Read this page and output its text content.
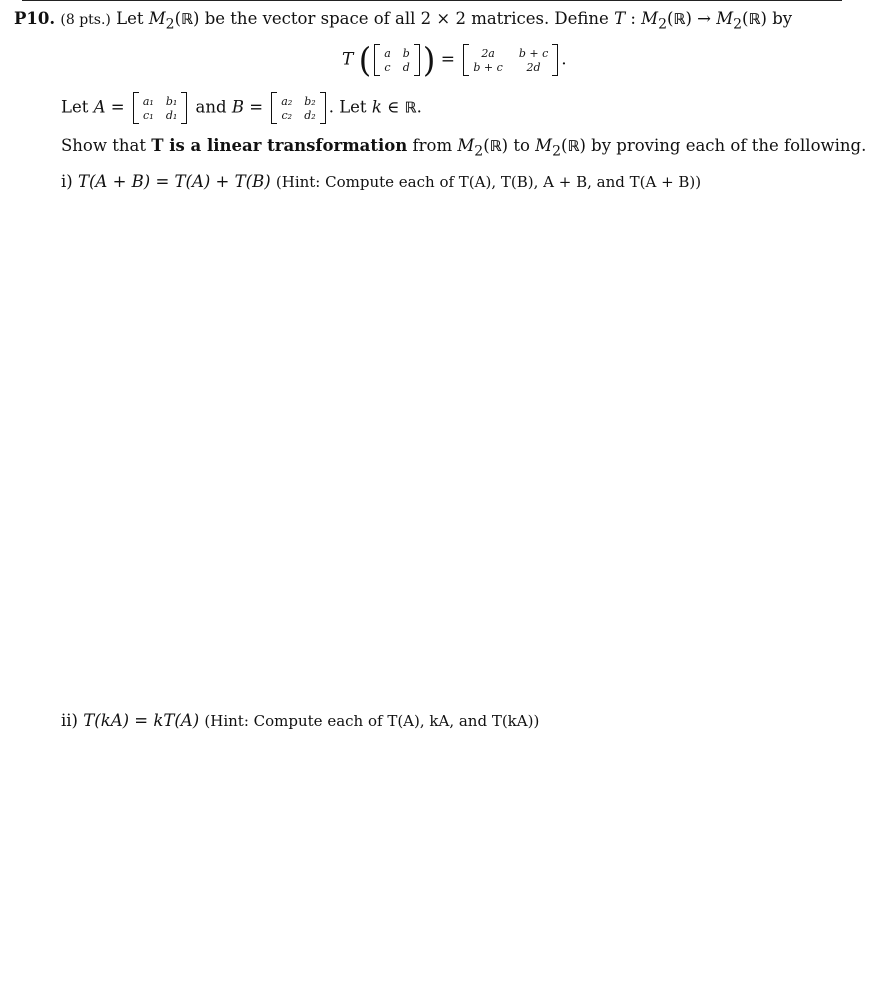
P10. (8 pts.) Let $M_2(ℝ)$ be the vector space of all 2 × 2 matrices. Define T : $M_2(ℝ)$ → $M_2(ℝ)$ by
T ( a b
c d ) =	2a	b + c
b + c	2d	.
Let A = a₁ b₁
c₁ d₁ and B = a₂ b₂
c₂ d₂ . Let k ∈ ℝ.
Show that T is a linear transformation from $M_2(ℝ)$ to $M_2(ℝ)$ by proving each of the following.
i) T(A + B) = T(A) + T(B) (Hint: Compute each of T(A), T(B), A + B, and T(A + B))
ii) T(kA) = kT(A) (Hint: Compute each of T(A), kA, and T(kA))
